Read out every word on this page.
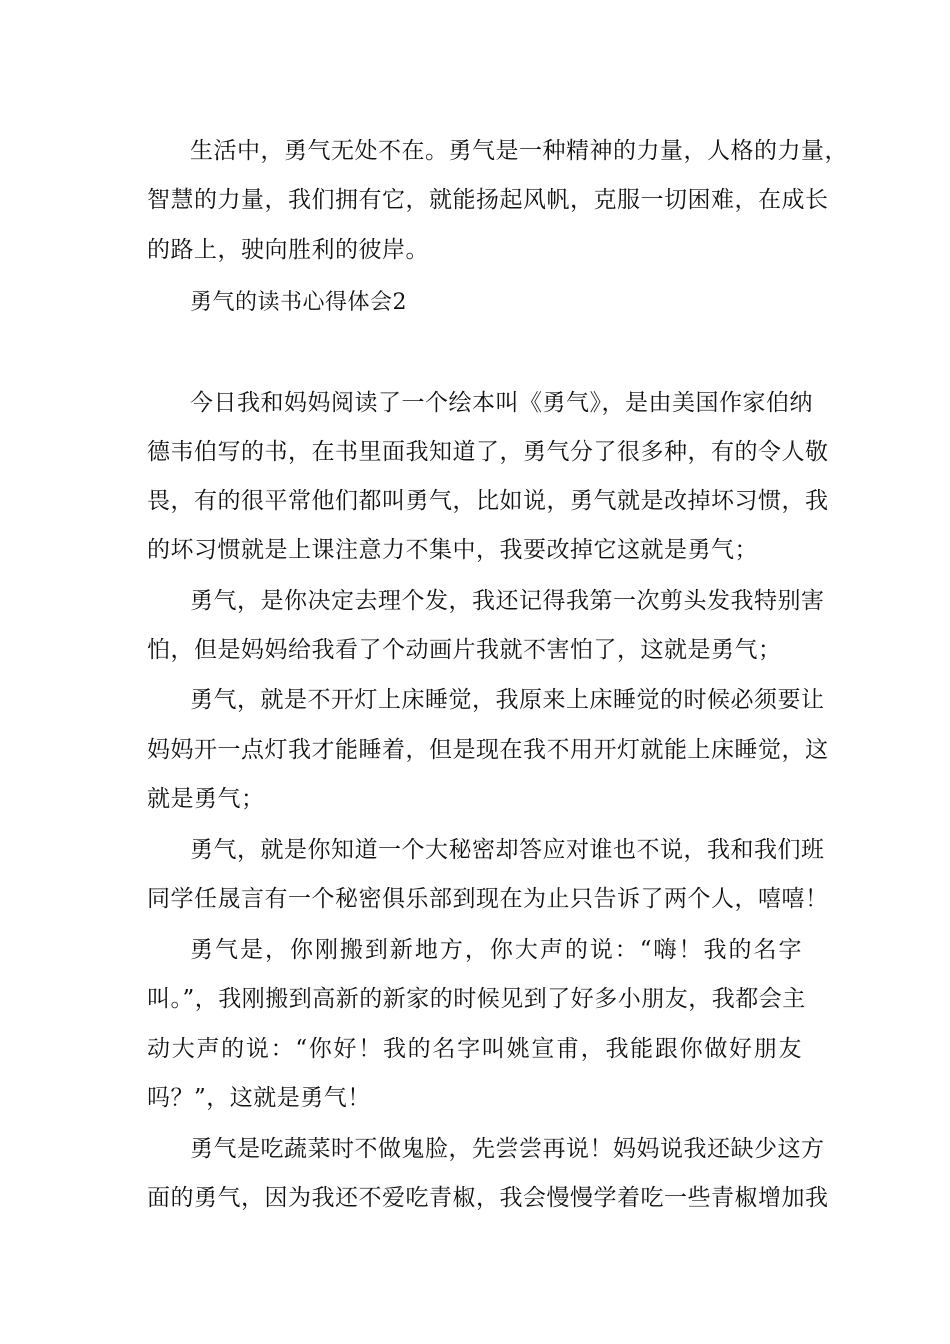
生活中，勇气无处不在。勇气是一种精神的力量，人格的力量，
智慧的力量，我们拥有它，就能扬起风帆，克服一切困难，在成长
的路上，驶向胜利的彼岸。
勇气的读书心得体会2
今日我和妈妈阅读了一个绘本叫《勇气》，是由美国作家伯纳
德韦伯写的书，在书里面我知道了，勇气分了很多种，有的令人敬
畏，有的很平常他们都叫勇气，比如说，勇气就是改掉坏习惯，我
的坏习惯就是上课注意力不集中，我要改掉它这就是勇气；
勇气，是你决定去理个发，我还记得我第一次剪头发我特别害
怕，但是妈妈给我看了个动画片我就不害怕了，这就是勇气；
勇气，就是不开灯上床睡觉，我原来上床睡觉的时候必须要让
妈妈开一点灯我才能睡着，但是现在我不用开灯就能上床睡觉，这
就是勇气；
勇气，就是你知道一个大秘密却答应对谁也不说，我和我们班
同学任晟言有一个秘密俱乐部到现在为止只告诉了两个人，嘻嘻！
勇气是，你刚搬到新地方，你大声的说：“嗨！我的名字
叫。”，我刚搬到高新的新家的时候见到了好多小朋友，我都会主
动大声的说：“你好！我的名字叫姚宣甫，我能跟你做好朋友
吗？”，这就是勇气！
勇气是吃蔬菜时不做鬼脸，先尝尝再说！妈妈说我还缺少这方
面的勇气，因为我还不爱吃青椒，我会慢慢学着吃一些青椒增加我
